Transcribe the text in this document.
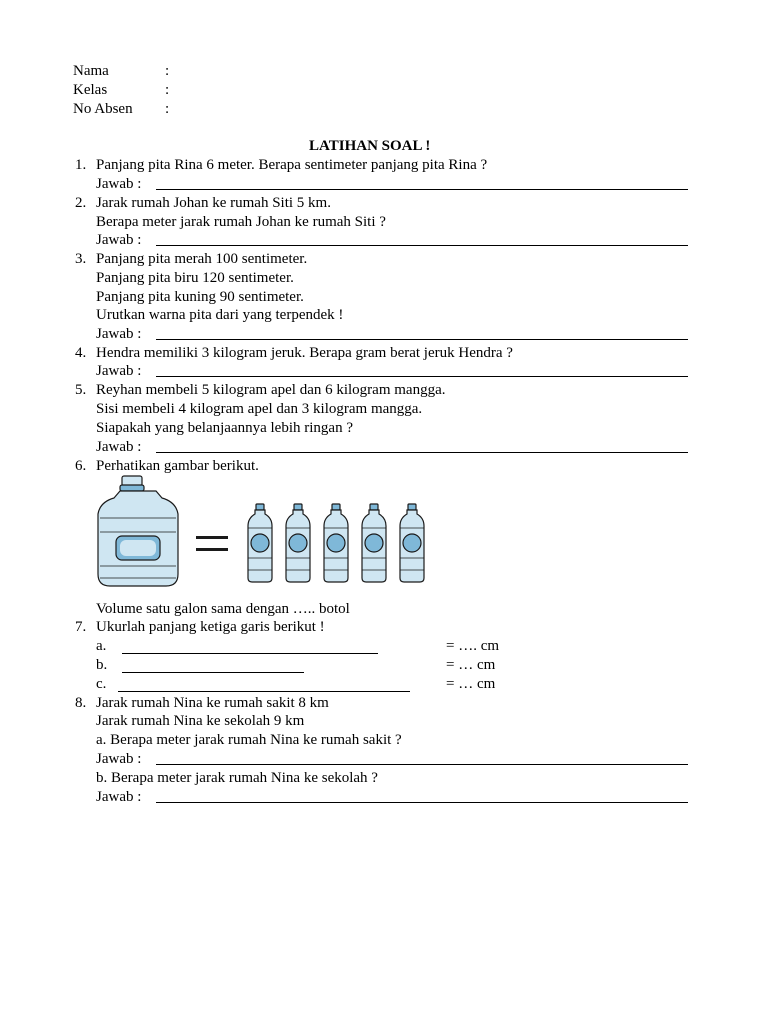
Nama	:
Kelas	:
No Absen :
LATIHAN SOAL !
1. Panjang pita Rina 6 meter. Berapa sentimeter panjang pita Rina ?
Jawab :
2. Jarak rumah Johan ke rumah Siti 5 km.
Berapa meter jarak rumah Johan ke rumah Siti ?
Jawab :
3. Panjang pita merah 100 sentimeter.
Panjang pita biru 120 sentimeter.
Panjang pita kuning 90 sentimeter.
Urutkan warna pita dari yang terpendek !
Jawab :
4. Hendra memiliki 3 kilogram jeruk. Berapa gram berat jeruk Hendra ?
Jawab :
5. Reyhan membeli 5 kilogram apel dan 6 kilogram mangga.
Sisi membeli 4 kilogram apel dan 3 kilogram mangga.
Siapakah yang belanjaannya lebih ringan ?
Jawab :
6. Perhatikan gambar berikut.
Volume satu galon sama dengan ….. botol
7. Ukurlah panjang ketiga garis berikut !
a.	= …. cm
b.	= … cm
c.	= … cm
8. Jarak rumah Nina ke rumah sakit 8 km
Jarak rumah Nina ke sekolah 9 km
a. Berapa meter jarak rumah Nina ke rumah sakit ?
Jawab :
b. Berapa meter jarak rumah Nina ke sekolah ?
Jawab :
